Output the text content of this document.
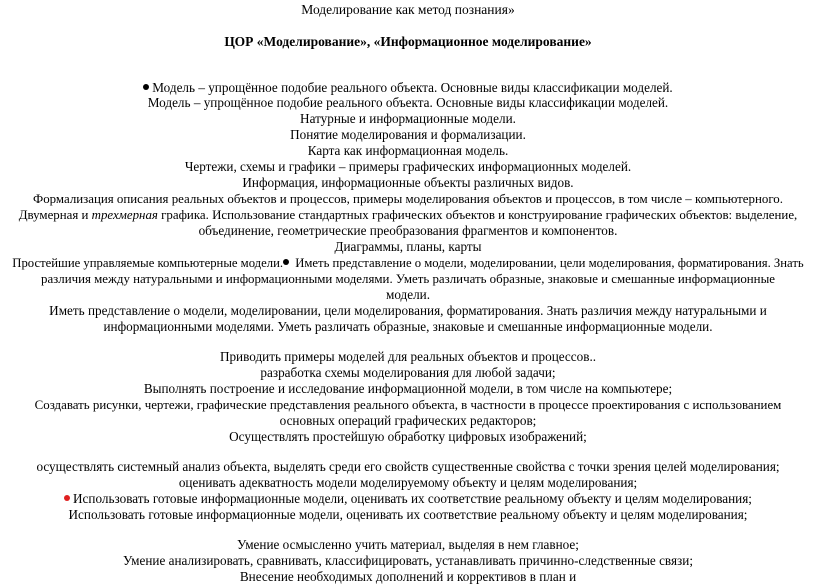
Моделирование как метод познания»
ЦОР «Моделирование», «Информационное моделирование»
Модель – упрощённое подобие реального объекта. Основные виды классификации моделей.
Модель – упрощённое подобие реального объекта. Основные виды классификации моделей.
Натурные и информационные модели.
Понятие моделирования и формализации.
Карта как информационная модель.
Чертежи, схемы и графики – примеры графических информационных моделей.
Информация, информационные объекты различных видов.
Формализация описания реальных объектов и процессов, примеры моделирования объектов и процессов, в том числе – компьютерного.
Двумерная и трехмерная графика. Использование стандартных графических объектов и конструирование графических объектов: выделение,
объединение, геометрические преобразования фрагментов и компонентов.
Диаграммы, планы, карты
Простейшие управляемые компьютерные модели. Иметь представление о модели, моделировании, цели моделирования, форматирования. Знать
различия между натуральными и информационными моделями. Уметь различать образные, знаковые и смешанные информационные
модели.
Иметь представление о модели, моделировании, цели моделирования, форматирования. Знать различия между натуральными и
информационными моделями. Уметь различать образные, знаковые и смешанные информационные модели.
Приводить примеры моделей для реальных объектов и процессов..
разработка схемы моделирования для любой задачи;
Выполнять построение и исследование информационной модели, в том числе на компьютере;
Создавать рисунки, чертежи, графические представления реального объекта, в частности в процессе проектирования с использованием
основных операций графических редакторов;
Осуществлять простейшую обработку цифровых изображений;
осуществлять системный анализ объекта, выделять среди его свойств существенные свойства с точки зрения целей моделирования;
оценивать адекватность модели моделируемому объекту и целям моделирования;
Использовать готовые информационные модели, оценивать их соответствие реальному объекту и целям моделирования;
Использовать готовые информационные модели, оценивать их соответствие реальному объекту и целям моделирования;
Умение осмысленно учить материал, выделяя в нем главное;
Умение анализировать, сравнивать, классифицировать, устанавливать причинно-следственные связи;
Внесение необходимых дополнений и коррективов в план и
